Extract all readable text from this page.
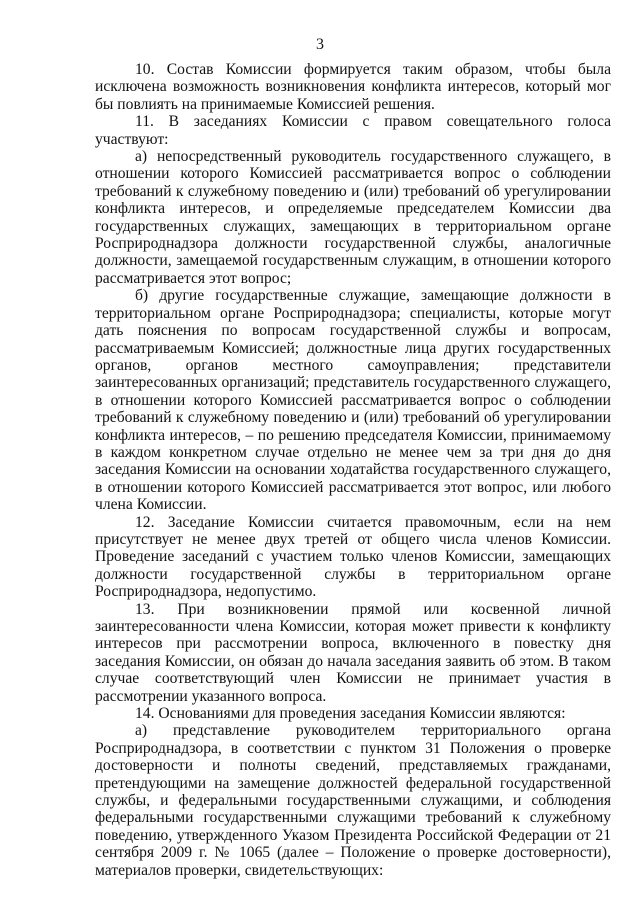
3

10. Состав Комиссии формируется таким образом, чтобы была исключена возможность возникновения конфликта интересов, который мог бы повлиять на принимаемые Комиссией решения.

11. В заседаниях Комиссии с правом совещательного голоса участвуют:

а) непосредственный руководитель государственного служащего, в отношении которого Комиссией рассматривается вопрос о соблюдении требований к служебному поведению и (или) требований об урегулировании конфликта интересов, и определяемые председателем Комиссии два государственных служащих, замещающих в территориальном органе Росприроднадзора должности государственной службы, аналогичные должности, замещаемой государственным служащим, в отношении которого рассматривается этот вопрос;

б) другие государственные служащие, замещающие должности в территориальном органе Росприроднадзора; специалисты, которые могут дать пояснения по вопросам государственной службы и вопросам, рассматриваемым Комиссией; должностные лица других государственных органов, органов местного самоуправления; представители заинтересованных организаций; представитель государственного служащего, в отношении которого Комиссией рассматривается вопрос о соблюдении требований к служебному поведению и (или) требований об урегулировании конфликта интересов, – по решению председателя Комиссии, принимаемому в каждом конкретном случае отдельно не менее чем за три дня до дня заседания Комиссии на основании ходатайства государственного служащего, в отношении которого Комиссией рассматривается этот вопрос, или любого члена Комиссии.

12. Заседание Комиссии считается правомочным, если на нем присутствует не менее двух третей от общего числа членов Комиссии. Проведение заседаний с участием только членов Комиссии, замещающих должности государственной службы в территориальном органе Росприроднадзора, недопустимо.

13. При возникновении прямой или косвенной личной заинтересованности члена Комиссии, которая может привести к конфликту интересов при рассмотрении вопроса, включенного в повестку дня заседания Комиссии, он обязан до начала заседания заявить об этом. В таком случае соответствующий член Комиссии не принимает участия в рассмотрении указанного вопроса.

14. Основаниями для проведения заседания Комиссии являются:

а) представление руководителем территориального органа Росприроднадзора, в соответствии с пунктом 31 Положения о проверке достоверности и полноты сведений, представляемых гражданами, претендующими на замещение должностей федеральной государственной службы, и федеральными государственными служащими, и соблюдения федеральными государственными служащими требований к служебному поведению, утвержденного Указом Президента Российской Федерации от 21 сентября 2009 г. № 1065 (далее – Положение о проверке достоверности), материалов проверки, свидетельствующих:
